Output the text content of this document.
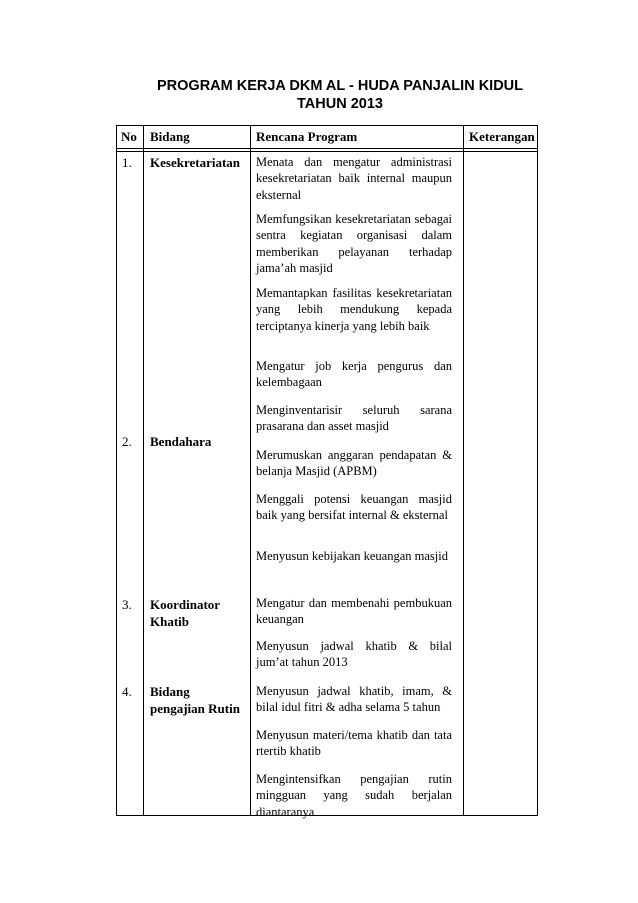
PROGRAM KERJA DKM AL - HUDA PANJALIN KIDUL
TAHUN 2013
No Bidang	Rencana Program	Keterangan
1.
2.
3.
4.
Kesekretariatan
Bendahara
Koordinator
Khatib
Bidang
pengajian Rutin
Menata dan mengatur administrasi kesekretariatan baik internal maupun eksternal
Memfungsikan kesekretariatan sebagai sentra kegiatan organisasi dalam memberikan pelayanan terhadap jama’ah masjid
Memantapkan fasilitas kesekretariatan yang lebih mendukung kepada terciptanya kinerja yang lebih baik
Mengatur job kerja pengurus dan kelembagaan
Menginventarisir seluruh sarana prasarana dan asset masjid
Merumuskan anggaran pendapatan & belanja Masjid (APBM)
Menggali potensi keuangan masjid baik yang bersifat internal & eksternal
Menyusun kebijakan keuangan masjid
Mengatur dan membenahi pembukuan keuangan
Menyusun jadwal khatib & bilal jum’at tahun 2013
Menyusun jadwal khatib, imam, & bilal idul fitri & adha selama 5 tahun
Menyusun materi/tema khatib dan tata rtertib khatib
Mengintensifkan pengajian rutin mingguan yang sudah berjalan diantaranya
